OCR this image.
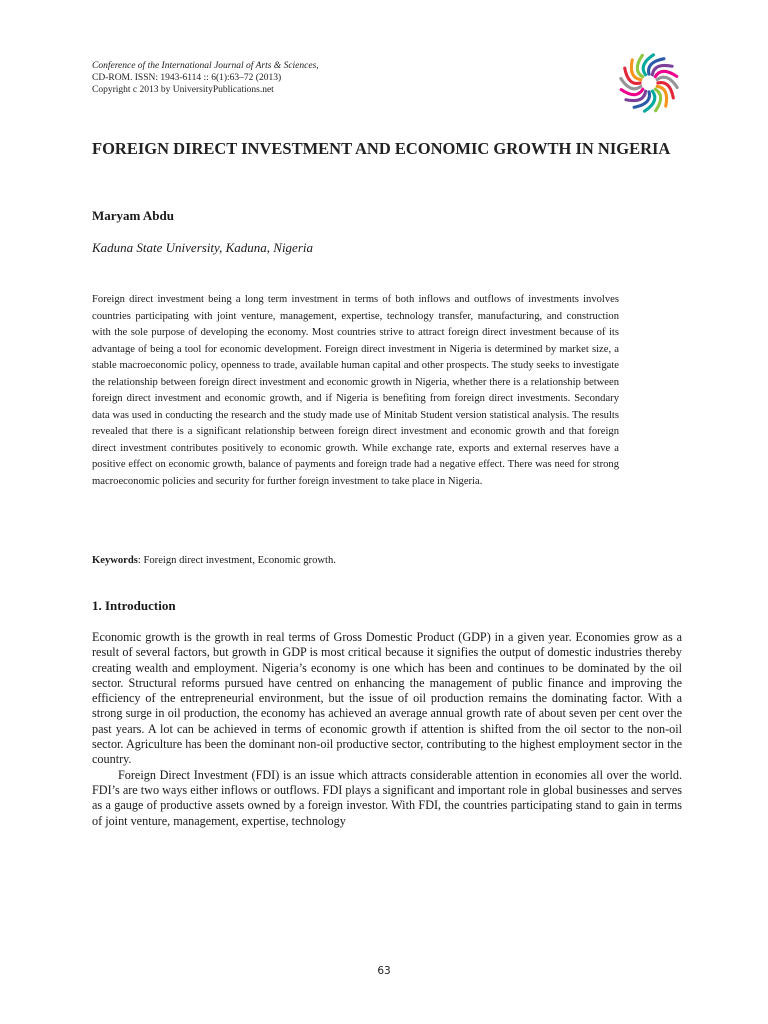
Conference of the International Journal of Arts & Sciences,
CD-ROM. ISSN: 1943-6114 :: 6(1):63–72 (2013)
Copyright c 2013 by UniversityPublications.net
FOREIGN DIRECT INVESTMENT AND ECONOMIC GROWTH IN NIGERIA
Maryam Abdu
Kaduna State University, Kaduna, Nigeria

Foreign direct investment being a long term investment in terms of both inflows and outflows of investments involves countries participating with joint venture, management, expertise, technology transfer, manufacturing, and construction with the sole purpose of developing the economy. Most countries strive to attract foreign direct investment because of its advantage of being a tool for economic development. Foreign direct investment in Nigeria is determined by market size, a stable macroeconomic policy, openness to trade, available human capital and other prospects. The study seeks to investigate the relationship between foreign direct investment and economic growth in Nigeria, whether there is a relationship between foreign direct investment and economic growth, and if Nigeria is benefiting from foreign direct investments. Secondary data was used in conducting the research and the study made use of Minitab Student version statistical analysis. The results revealed that there is a significant relationship between foreign direct investment and economic growth and that foreign direct investment contributes positively to economic growth. While exchange rate, exports and external reserves have a positive effect on economic growth, balance of payments and foreign trade had a negative effect. There was need for strong macroeconomic policies and security for further foreign investment to take place in Nigeria.

Keywords: Foreign direct investment, Economic growth.
1. Introduction

Economic growth is the growth in real terms of Gross Domestic Product (GDP) in a given year. Economies grow as a result of several factors, but growth in GDP is most critical because it signifies the output of domestic industries thereby creating wealth and employment. Nigeria’s economy is one which has been and continues to be dominated by the oil sector. Structural reforms pursued have centred on enhancing the management of public finance and improving the efficiency of the entrepreneurial environment, but the issue of oil production remains the dominating factor. With a strong surge in oil production, the economy has achieved an average annual growth rate of about seven per cent over the past years. A lot can be achieved in terms of economic growth if attention is shifted from the oil sector to the non-oil sector. Agriculture has been the dominant non-oil productive sector, contributing to the highest employment sector in the country.

Foreign Direct Investment (FDI) is an issue which attracts considerable attention in economies all over the world. FDI’s are two ways either inflows or outflows. FDI plays a significant and important role in global businesses and serves as a gauge of productive assets owned by a foreign investor. With FDI, the countries participating stand to gain in terms of joint venture, management, expertise, technology

63
